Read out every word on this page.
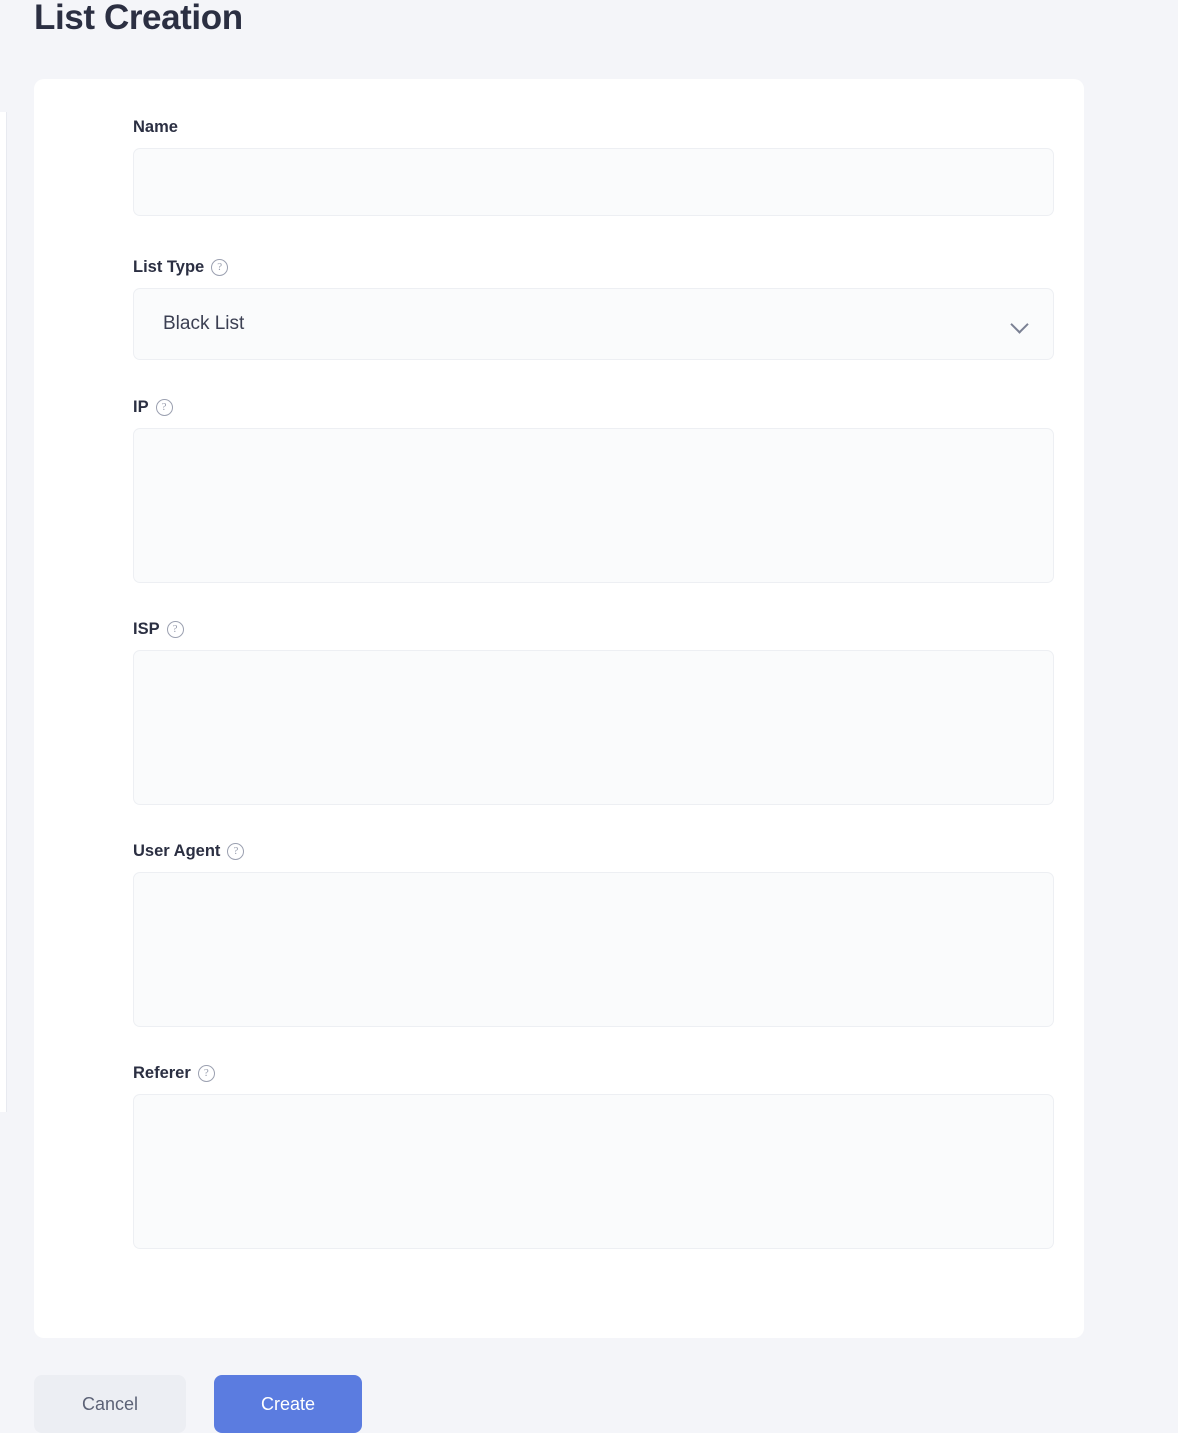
List Creation
Name
List Type	?
Black List
IP	?
ISP	?
User Agent	?
Referer	?
Cancel	Create
